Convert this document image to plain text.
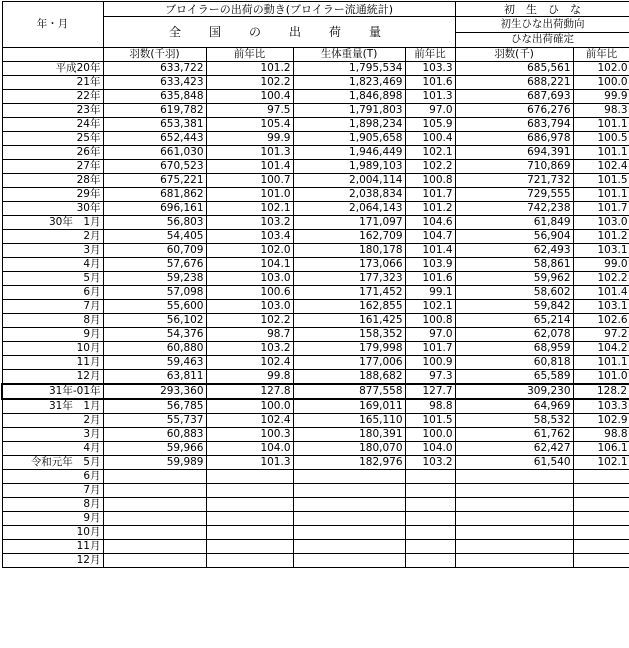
年・月	ブロイラーの出荷の動き(ブロイラー流通統計)				初　生　ひ　な	
	全　国　の　出　荷　量				初生ひな出荷動向	
					ひな出荷確定	
	羽数(千羽)	前年比	生体重量(T)	前年比	羽数(千)	前年比
平成20年	633,722	101.2	1,795,534	103.3	685,561	102.0
21年	633,423	102.2	1,823,469	101.6	688,221	100.0
22年	635,848	100.4	1,846,898	101.3	687,693	99.9
23年	619,782	97.5	1,791,803	97.0	676,276	98.3
24年	653,381	105.4	1,898,234	105.9	683,794	101.1
25年	652,443	99.9	1,905,658	100.4	686,978	100.5
26年	661,030	101.3	1,946,449	102.1	694,391	101.1
27年	670,523	101.4	1,989,103	102.2	710,869	102.4
28年	675,221	100.7	2,004,114	100.8	721,732	101.5
29年	681,862	101.0	2,038,834	101.7	729,555	101.1
30年	696,161	102.1	2,064,143	101.2	742,238	101.7
30年　1月	56,803	103.2	171,097	104.6	61,849	103.0
2月	54,405	103.4	162,709	104.7	56,904	101.2
3月	60,709	102.0	180,178	101.4	62,493	103.1
4月	57,676	104.1	173,066	103.9	58,861	99.0
5月	59,238	103.0	177,323	101.6	59,962	102.2
6月	57,098	100.6	171,452	99.1	58,602	101.4
7月	55,600	103.0	162,855	102.1	59,842	103.1
8月	56,102	102.2	161,425	100.8	65,214	102.6
9月	54,376	98.7	158,352	97.0	62,078	97.2
10月	60,880	103.2	179,998	101.7	68,959	104.2
11月	59,463	102.4	177,006	100.9	60,818	101.1
12月	63,811	99.8	188,682	97.3	65,589	101.0
31年-01年	293,360	127.8	877,558	127.7	309,230	128.2
31年　1月	56,785	100.0	169,011	98.8	64,969	103.3
2月	55,737	102.4	165,110	101.5	58,532	102.9
3月	60,883	100.3	180,391	100.0	61,762	98.8
4月	59,966	104.0	180,070	104.0	62,427	106.1
令和元年　5月	59,989	101.3	182,976	103.2	61,540	102.1
6月						
7月						
8月						
9月						
10月						
11月						
12月						
